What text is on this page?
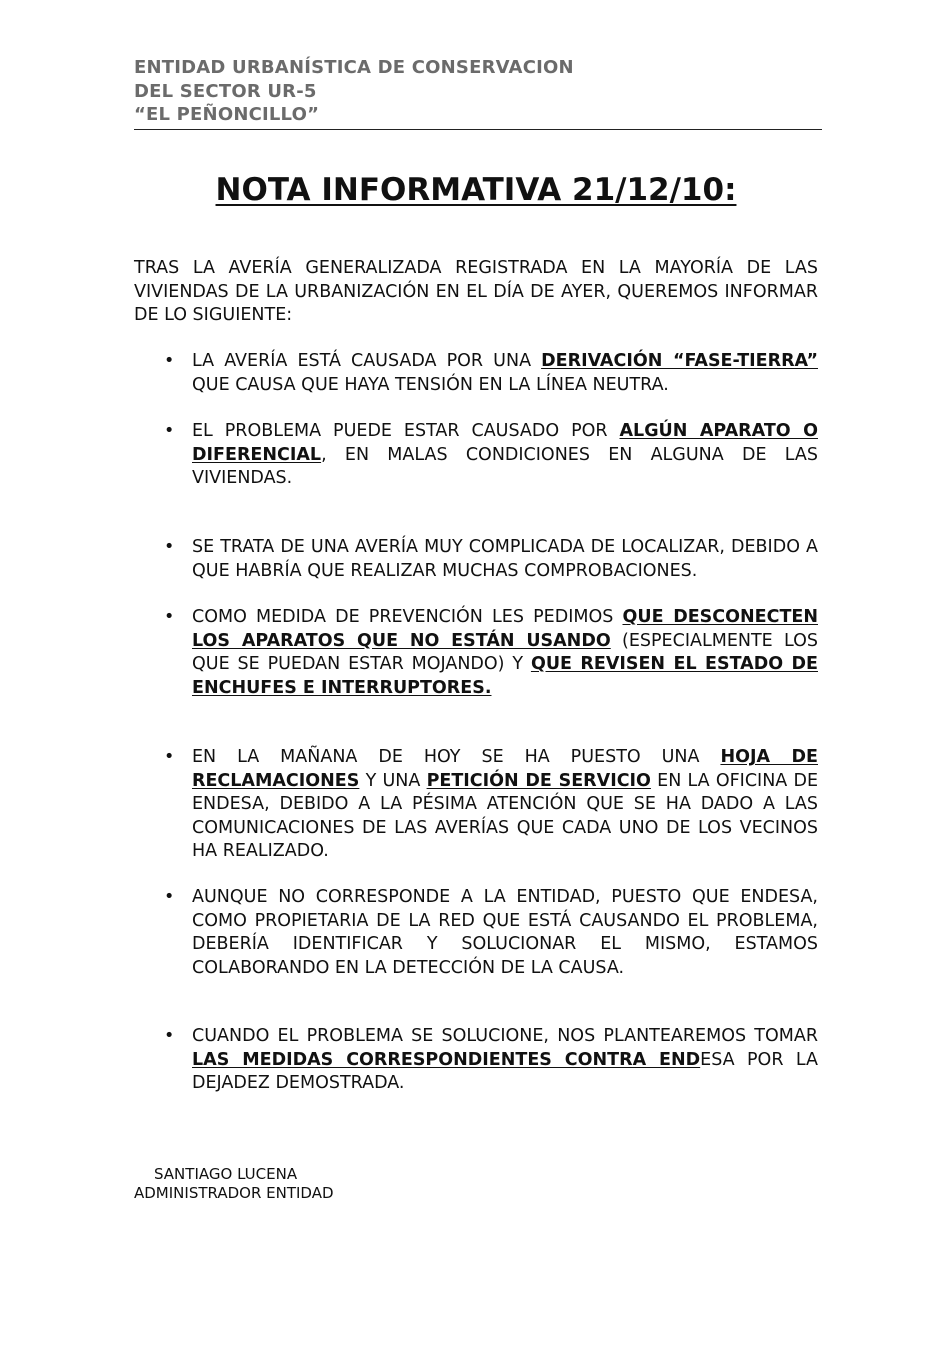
ENTIDAD URBANÍSTICA DE CONSERVACION
DEL SECTOR UR-5
“EL PEÑONCILLO”
NOTA INFORMATIVA 21/12/10:
TRAS LA AVERÍA GENERALIZADA REGISTRADA EN LA MAYORÍA DE LAS VIVIENDAS DE LA URBANIZACIÓN EN EL DÍA DE AYER, QUEREMOS INFORMAR DE LO SIGUIENTE:
• LA AVERÍA ESTÁ CAUSADA POR UNA DERIVACIÓN “FASE-TIERRA” QUE CAUSA QUE HAYA TENSIÓN EN LA LÍNEA NEUTRA.
• EL PROBLEMA PUEDE ESTAR CAUSADO POR ALGÚN APARATO O DIFERENCIAL, EN MALAS CONDICIONES EN ALGUNA DE LAS VIVIENDAS.
• SE TRATA DE UNA AVERÍA MUY COMPLICADA DE LOCALIZAR, DEBIDO A QUE HABRÍA QUE REALIZAR MUCHAS COMPROBACIONES.
• COMO MEDIDA DE PREVENCIÓN LES PEDIMOS QUE DESCONECTEN LOS APARATOS QUE NO ESTÁN USANDO (ESPECIALMENTE LOS QUE SE PUEDAN ESTAR MOJANDO) Y QUE REVISEN EL ESTADO DE ENCHUFES E INTERRUPTORES.
• EN LA MAÑANA DE HOY SE HA PUESTO UNA HOJA DE RECLAMACIONES Y UNA PETICIÓN DE SERVICIO EN LA OFICINA DE ENDESA, DEBIDO A LA PÉSIMA ATENCIÓN QUE SE HA DADO A LAS COMUNICACIONES DE LAS AVERÍAS QUE CADA UNO DE LOS VECINOS HA REALIZADO.
• AUNQUE NO CORRESPONDE A LA ENTIDAD, PUESTO QUE ENDESA, COMO PROPIETARIA DE LA RED QUE ESTÁ CAUSANDO EL PROBLEMA, DEBERÍA IDENTIFICAR Y SOLUCIONAR EL MISMO, ESTAMOS COLABORANDO EN LA DETECCIÓN DE LA CAUSA.
• CUANDO EL PROBLEMA SE SOLUCIONE, NOS PLANTEAREMOS TOMAR LAS MEDIDAS CORRESPONDIENTES CONTRA ENDESA POR LA DEJADEZ DEMOSTRADA.
SANTIAGO LUCENA
ADMINISTRADOR ENTIDAD
